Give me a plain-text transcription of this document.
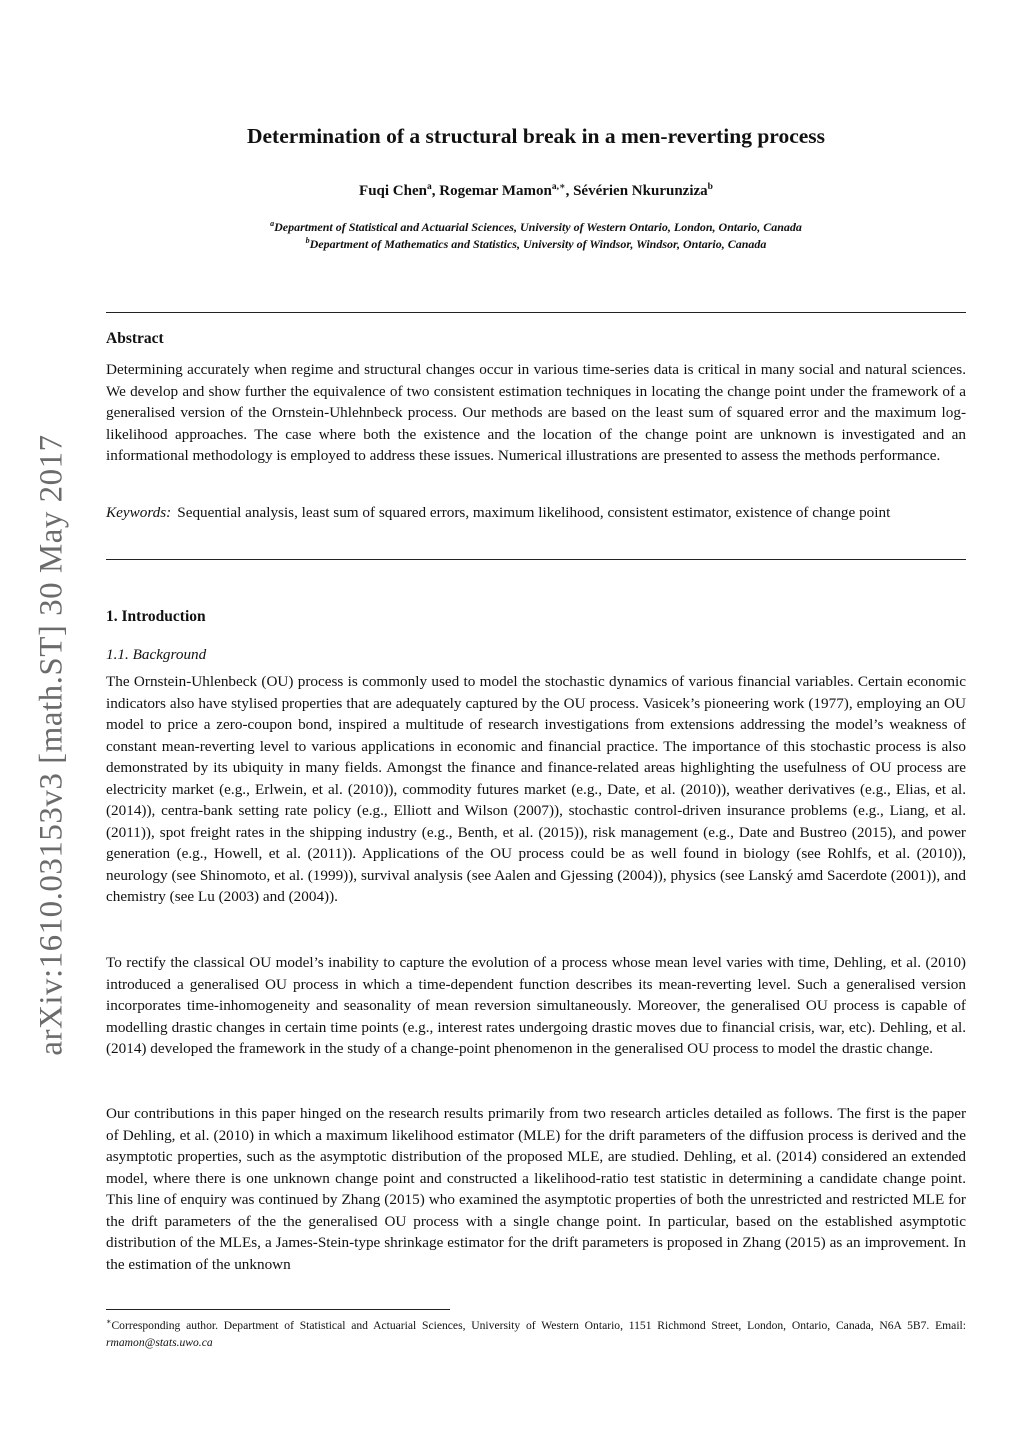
arXiv:1610.03153v3 [math.ST] 30 May 2017
Determination of a structural break in a men-reverting process
Fuqi Chen$^a$, Rogemar Mamon$^{a,∗}$, Sévérien Nkurunziza$^b$
$^a$Department of Statistical and Actuarial Sciences, University of Western Ontario, London, Ontario, Canada
$^b$Department of Mathematics and Statistics, University of Windsor, Windsor, Ontario, Canada
Abstract
Determining accurately when regime and structural changes occur in various time-series data is critical in many social and natural sciences. We develop and show further the equivalence of two consistent estimation techniques in locating the change point under the framework of a generalised version of the Ornstein-Uhlehnbeck process. Our methods are based on the least sum of squared error and the maximum log-likelihood approaches. The case where both the existence and the location of the change point are unknown is investigated and an informational methodology is employed to address these issues. Numerical illustrations are presented to assess the methods performance.
Keywords: Sequential analysis, least sum of squared errors, maximum likelihood, consistent estimator, existence of change point
1. Introduction
1.1. Background
The Ornstein-Uhlenbeck (OU) process is commonly used to model the stochastic dynamics of various financial variables. Certain economic indicators also have stylised properties that are adequately captured by the OU process. Vasicek’s pioneering work (1977), employing an OU model to price a zero-coupon bond, inspired a multitude of research investigations from extensions addressing the model’s weakness of constant mean-reverting level to various applications in economic and financial practice. The importance of this stochastic process is also demonstrated by its ubiquity in many fields. Amongst the finance and finance-related areas highlighting the usefulness of OU process are electricity market (e.g., Erlwein, et al. (2010)), commodity futures market (e.g., Date, et al. (2010)), weather derivatives (e.g., Elias, et al. (2014)), centra-bank setting rate policy (e.g., Elliott and Wilson (2007)), stochastic control-driven insurance problems (e.g., Liang, et al. (2011)), spot freight rates in the shipping industry (e.g., Benth, et al. (2015)), risk management (e.g., Date and Bustreo (2015), and power generation (e.g., Howell, et al. (2011)). Applications of the OU process could be as well found in biology (see Rohlfs, et al. (2010)), neurology (see Shinomoto, et al. (1999)), survival analysis (see Aalen and Gjessing (2004)), physics (see Lanský amd Sacerdote (2001)), and chemistry (see Lu (2003) and (2004)).
To rectify the classical OU model’s inability to capture the evolution of a process whose mean level varies with time, Dehling, et al. (2010) introduced a generalised OU process in which a time-dependent function describes its mean-reverting level. Such a generalised version incorporates time-inhomogeneity and seasonality of mean reversion simultaneously. Moreover, the generalised OU process is capable of modelling drastic changes in certain time points (e.g., interest rates undergoing drastic moves due to financial crisis, war, etc). Dehling, et al. (2014) developed the framework in the study of a change-point phenomenon in the generalised OU process to model the drastic change.
Our contributions in this paper hinged on the research results primarily from two research articles detailed as follows. The first is the paper of Dehling, et al. (2010) in which a maximum likelihood estimator (MLE) for the drift parameters of the diffusion process is derived and the asymptotic properties, such as the asymptotic distribution of the proposed MLE, are studied. Dehling, et al. (2014) considered an extended model, where there is one unknown change point and constructed a likelihood-ratio test statistic in determining a candidate change point. This line of enquiry was continued by Zhang (2015) who examined the asymptotic properties of both the unrestricted and restricted MLE for the drift parameters of the the generalised OU process with a single change point. In particular, based on the established asymptotic distribution of the MLEs, a James-Stein-type shrinkage estimator for the drift parameters is proposed in Zhang (2015) as an improvement. In the estimation of the unknown
∗Corresponding author. Department of Statistical and Actuarial Sciences, University of Western Ontario, 1151 Richmond Street, London, Ontario, Canada, N6A 5B7. Email: rmamon@stats.uwo.ca
